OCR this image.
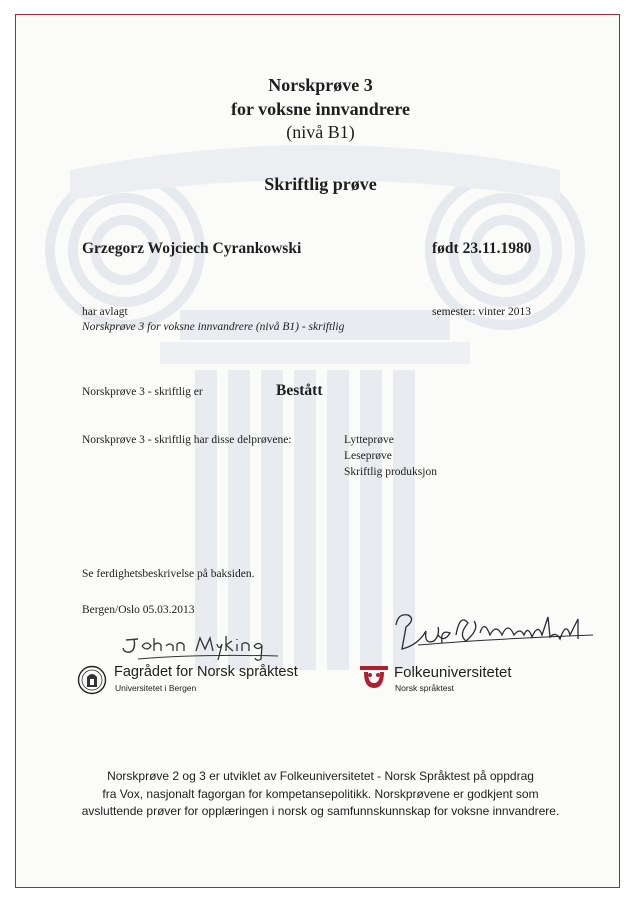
Norskprøve 3
for voksne innvandrere
(nivå B1)
Skriftlig prøve
Grzegorz Wojciech Cyrankowski	født 23.11.1980
har avlagt
Norskprøve 3 for voksne innvandrere (nivå B1) - skriftlig
semester: vinter 2013
Norskprøve 3 - skriftlig er	Bestått
Norskprøve 3 - skriftlig har disse delprøvene:	Lytteprøve
Leseprøve
Skriftlig produksjon
Se ferdighetsbeskrivelse på baksiden.
Bergen/Oslo 05.03.2013
Fagrådet for Norsk språktest
Universitetet i Bergen
Folkeuniversitetet
Norsk språktest
Norskprøve 2 og 3 er utviklet av Folkeuniversitetet - Norsk Språktest på oppdrag
fra Vox, nasjonalt fagorgan for kompetansepolitikk. Norskprøvene er godkjent som
avsluttende prøver for opplæringen i norsk og samfunnskunnskap for voksne innvandrere.
